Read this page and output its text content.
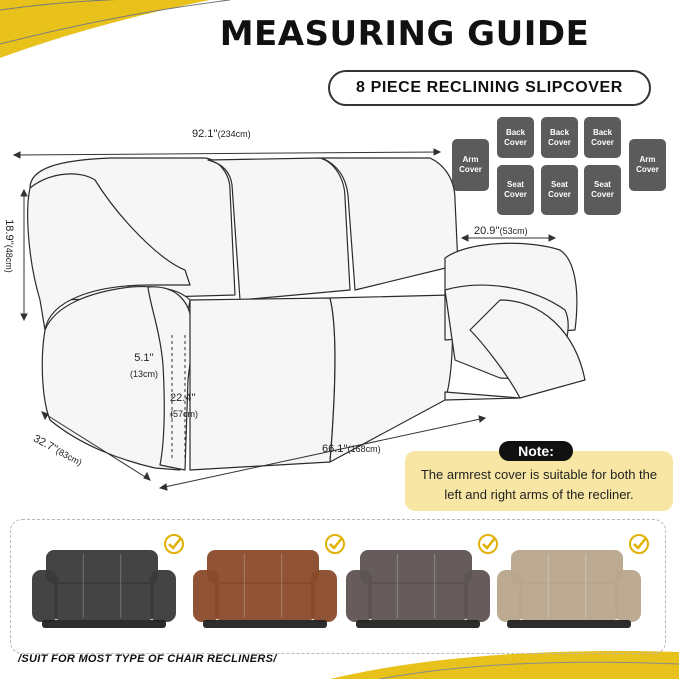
MEASURING GUIDE
8 PIECE RECLINING SLIPCOVER
Arm Cover
Back Cover
Back Cover
Back Cover
Seat Cover
Seat Cover
Seat Cover
Arm Cover
92.1''(234cm)
18.9''(48cm)
20.9''(53cm)
5.1''
(13cm)
22.4''
(57cm)
32.7''(83cm)	66.1''(168cm)
The armrest cover is suitable for both the left and right arms of the recliner.
Note:
/SUIT FOR MOST TYPE OF CHAIR RECLINERS/
